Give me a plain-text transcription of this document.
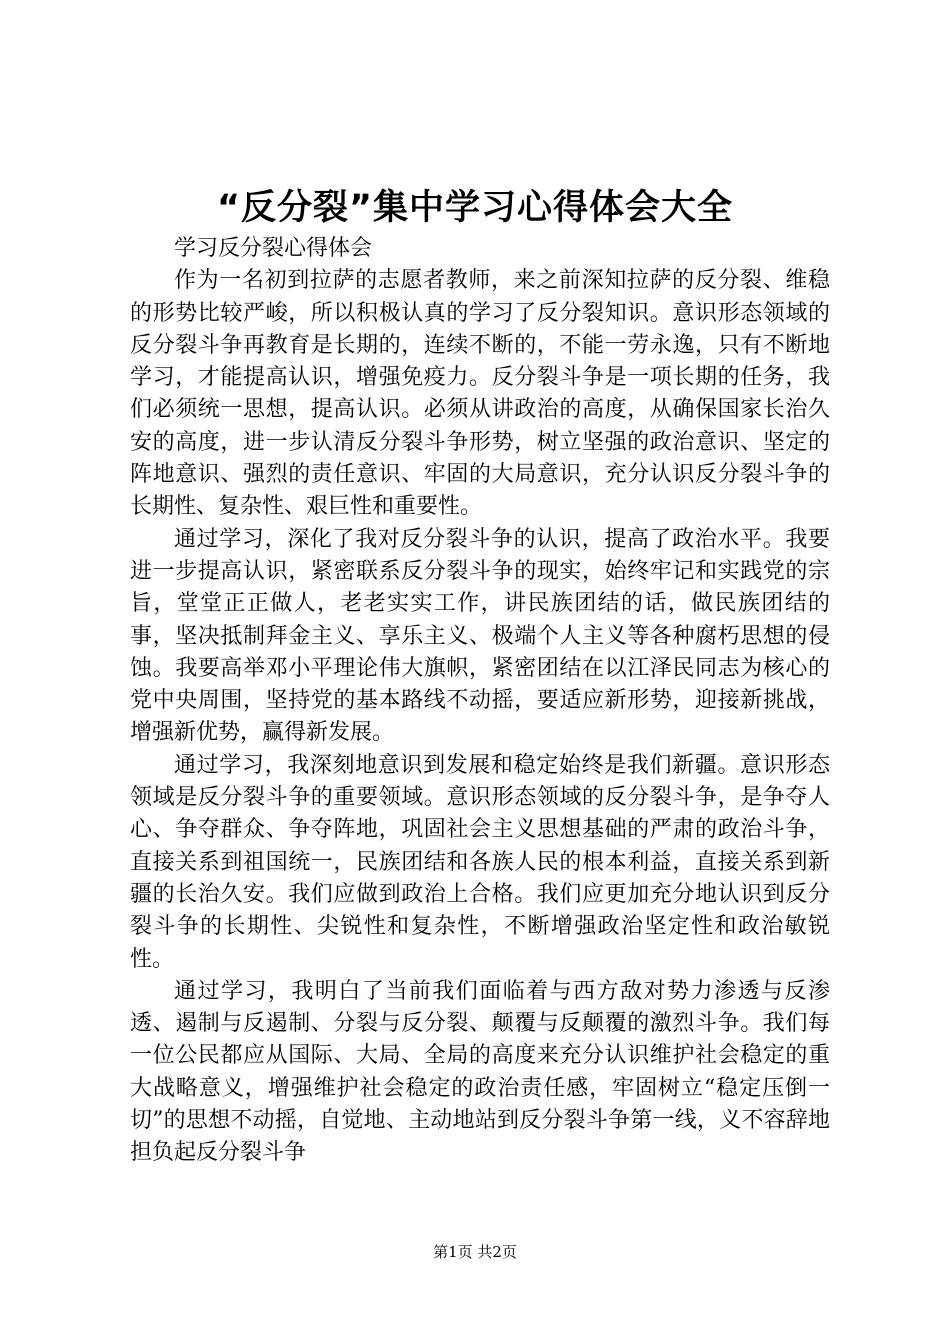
“反分裂”集中学习心得体会大全

学习反分裂心得体会

作为一名初到拉萨的志愿者教师，来之前深知拉萨的反分裂、维稳的形势比较严峻，所以积极认真的学习了反分裂知识。意识形态领域的反分裂斗争再教育是长期的，连续不断的，不能一劳永逸，只有不断地学习，才能提高认识，增强免疫力。反分裂斗争是一项长期的任务，我们必须统一思想，提高认识。必须从讲政治的高度，从确保国家长治久安的高度，进一步认清反分裂斗争形势，树立坚强的政治意识、坚定的阵地意识、强烈的责任意识、牢固的大局意识，充分认识反分裂斗争的长期性、复杂性、艰巨性和重要性。

通过学习，深化了我对反分裂斗争的认识，提高了政治水平。我要进一步提高认识，紧密联系反分裂斗争的现实，始终牢记和实践党的宗旨，堂堂正正做人，老老实实工作，讲民族团结的话，做民族团结的事，坚决抵制拜金主义、享乐主义、极端个人主义等各种腐朽思想的侵蚀。我要高举邓小平理论伟大旗帜，紧密团结在以江泽民同志为核心的党中央周围，坚持党的基本路线不动摇，要适应新形势，迎接新挑战，增强新优势，赢得新发展。

通过学习，我深刻地意识到发展和稳定始终是我们新疆。意识形态领域是反分裂斗争的重要领域。意识形态领域的反分裂斗争，是争夺人心、争夺群众、争夺阵地，巩固社会主义思想基础的严肃的政治斗争，直接关系到祖国统一，民族团结和各族人民的根本利益，直接关系到新疆的长治久安。我们应做到政治上合格。我们应更加充分地认识到反分裂斗争的长期性、尖锐性和复杂性，不断增强政治坚定性和政治敏锐性。

通过学习，我明白了当前我们面临着与西方敌对势力渗透与反渗透、遏制与反遏制、分裂与反分裂、颠覆与反颠覆的激烈斗争。我们每一位公民都应从国际、大局、全局的高度来充分认识维护社会稳定的重大战略意义，增强维护社会稳定的政治责任感，牢固树立“稳定压倒一切”的思想不动摇，自觉地、主动地站到反分裂斗争第一线，义不容辞地担负起反分裂斗争

第1页 共2页
